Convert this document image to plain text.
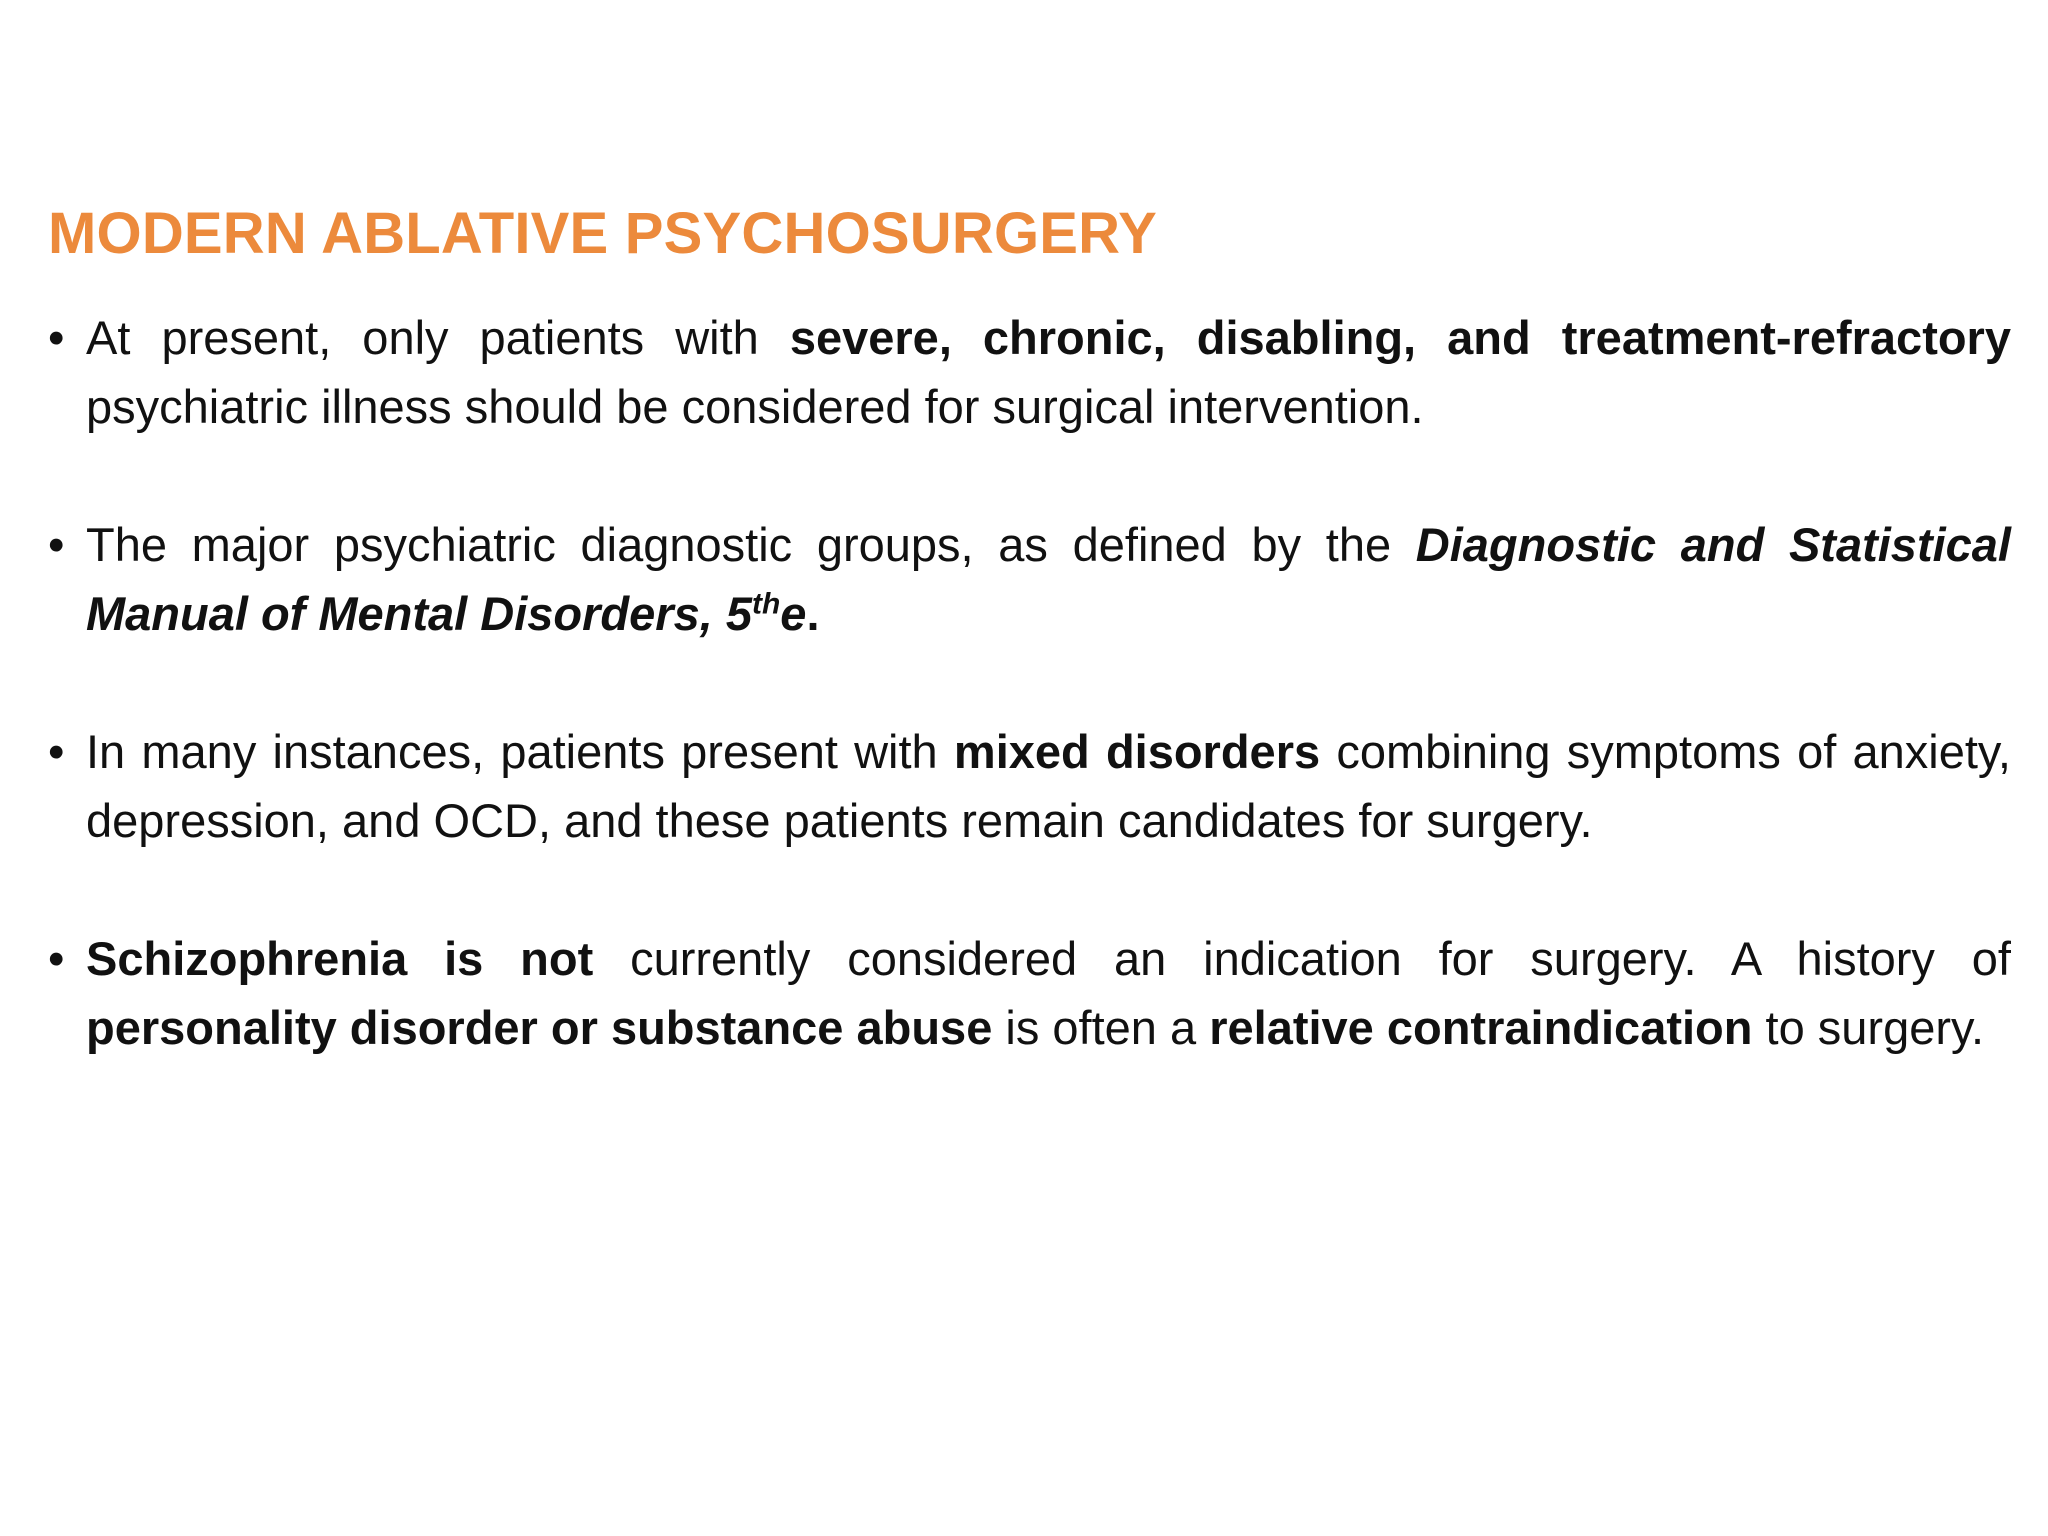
MODERN ABLATIVE PSYCHOSURGERY
• At present, only patients with severe, chronic, disabling, and treatment-refractory psychiatric illness should be considered for surgical intervention.
• The major psychiatric diagnostic groups, as defined by the Diagnostic and Statistical Manual of Mental Disorders, 5the.
• In many instances, patients present with mixed disorders combining symptoms of anxiety, depression, and OCD, and these patients remain candidates for surgery.
• Schizophrenia is not currently considered an indication for surgery. A history of personality disorder or substance abuse is often a relative contraindication to surgery.
